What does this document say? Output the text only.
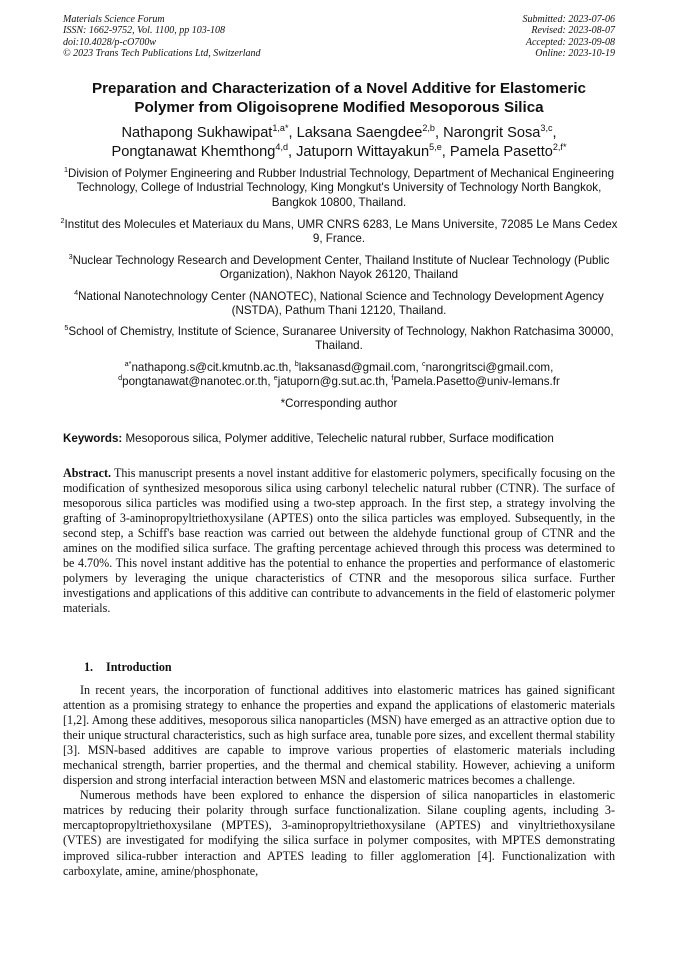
Materials Science Forum
ISSN: 1662-9752, Vol. 1100, pp 103-108
doi:10.4028/p-cO700w
© 2023 Trans Tech Publications Ltd, Switzerland
Submitted: 2023-07-06
Revised: 2023-08-07
Accepted: 2023-09-08
Online: 2023-10-19
Preparation and Characterization of a Novel Additive for Elastomeric
Polymer from Oligoisoprene Modified Mesoporous Silica
Nathapong Sukhawipat$^{1,a*}$, Laksana Saengdee$^{2,b}$, Narongrit Sosa$^{3,c}$,
Pongtanawat Khemthong$^{4,d}$, Jatuporn Wittayakun$^{5,e}$, Pamela Pasetto$^{2,f*}$
$^1$Division of Polymer Engineering and Rubber Industrial Technology, Department of Mechanical Engineering Technology, College of Industrial Technology, King Mongkut's University of Technology North Bangkok, Bangkok 10800, Thailand.
$^2$Institut des Molecules et Materiaux du Mans, UMR CNRS 6283, Le Mans Universite, 72085 Le Mans Cedex 9, France.
$^3$Nuclear Technology Research and Development Center, Thailand Institute of Nuclear Technology (Public Organization), Nakhon Nayok 26120, Thailand
$^4$National Nanotechnology Center (NANOTEC), National Science and Technology Development Agency (NSTDA), Pathum Thani 12120, Thailand.
$^5$School of Chemistry, Institute of Science, Suranaree University of Technology, Nakhon Ratchasima 30000, Thailand.
$^{a*}$nathapong.s@cit.kmutnb.ac.th, $^b$laksanasd@gmail.com, $^c$narongritsci@gmail.com,
$^d$pongtanawat@nanotec.or.th, $^e$jatuporn@g.sut.ac.th, $^f$Pamela.Pasetto@univ-lemans.fr
*Corresponding author
Keywords: Mesoporous silica, Polymer additive, Telechelic natural rubber, Surface modification
Abstract. This manuscript presents a novel instant additive for elastomeric polymers, specifically focusing on the modification of synthesized mesoporous silica using carbonyl telechelic natural rubber (CTNR). The surface of mesoporous silica particles was modified using a two-step approach. In the first step, a strategy involving the grafting of 3-aminopropyltriethoxysilane (APTES) onto the silica particles was employed. Subsequently, in the second step, a Schiff's base reaction was carried out between the aldehyde functional group of CTNR and the amines on the modified silica surface. The grafting percentage achieved through this process was determined to be 4.70%. This novel instant additive has the potential to enhance the properties and performance of elastomeric polymers by leveraging the unique characteristics of CTNR and the mesoporous silica surface. Further investigations and applications of this additive can contribute to advancements in the field of elastomeric polymer materials.
1. Introduction

In recent years, the incorporation of functional additives into elastomeric matrices has gained significant attention as a promising strategy to enhance the properties and expand the applications of elastomeric materials [1,2]. Among these additives, mesoporous silica nanoparticles (MSN) have emerged as an attractive option due to their unique structural characteristics, such as high surface area, tunable pore sizes, and excellent thermal stability [3]. MSN-based additives are capable to improve various properties of elastomeric materials including mechanical strength, barrier properties, and the thermal and chemical stability. However, achieving a uniform dispersion and strong interfacial interaction between MSN and elastomeric matrices becomes a challenge.

Numerous methods have been explored to enhance the dispersion of silica nanoparticles in elastomeric matrices by reducing their polarity through surface functionalization. Silane coupling agents, including 3-mercaptopropyltriethoxysilane (MPTES), 3-aminopropyltriethoxysilane (APTES) and vinyltriethoxysilane (VTES) are investigated for modifying the silica surface in polymer composites, with MPTES demonstrating improved silica-rubber interaction and APTES leading to filler agglomeration [4]. Functionalization with carboxylate, amine, amine/phosphonate,
